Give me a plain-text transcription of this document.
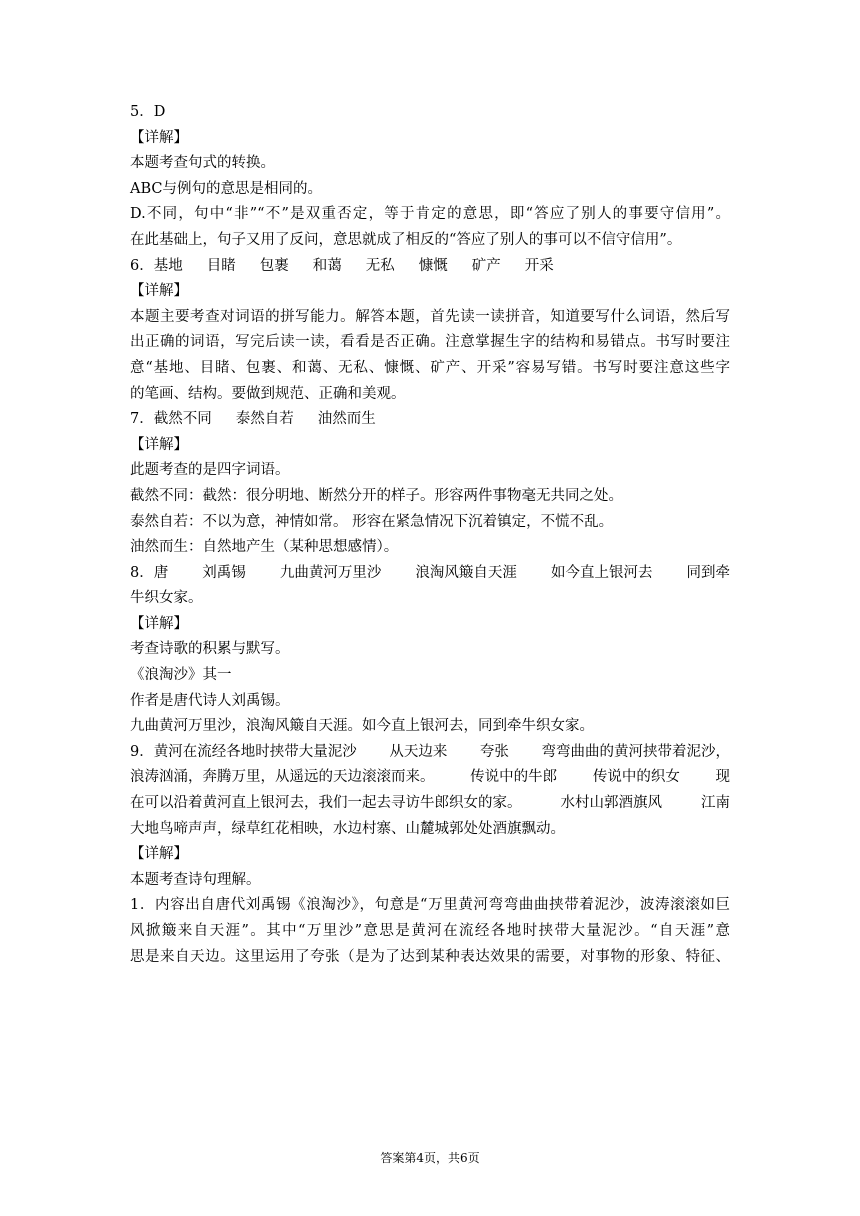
5．D
【详解】
本题考查句式的转换。
ABC与例句的意思是相同的。
D.不同，句中“非”“不”是双重否定，等于肯定的意思，即“答应了别人的事要守信用”。
在此基础上，句子又用了反问，意思就成了相反的“答应了别人的事可以不信守信用”。
6．基地 目睹 包裹 和蔼 无私 慷慨 矿产 开采
【详解】
本题主要考查对词语的拼写能力。解答本题，首先读一读拼音，知道要写什么词语，然后写
出正确的词语，写完后读一读，看看是否正确。注意掌握生字的结构和易错点。书写时要注
意“基地、目睹、包裹、和蔼、无私、慷慨、矿产、开采”容易写错。书写时要注意这些字
的笔画、结构。要做到规范、正确和美观。
7．截然不同 泰然自若 油然而生
【详解】
此题考查的是四字词语。
截然不同：截然：很分明地、断然分开的样子。形容两件事物毫无共同之处。
泰然自若：不以为意，神情如常。 形容在紧急情况下沉着镇定，不慌不乱。
油然而生：自然地产生（某种思想感情）。
8．唐 刘禹锡 九曲黄河万里沙 浪淘风簸自天涯 如今直上银河去 同到牵
牛织女家。
【详解】
考查诗歌的积累与默写。
《浪淘沙》其一
作者是唐代诗人刘禹锡。
九曲黄河万里沙，浪淘风簸自天涯。如今直上银河去，同到牵牛织女家。
9．黄河在流经各地时挟带大量泥沙 从天边来 夸张 弯弯曲曲的黄河挟带着泥沙，
浪涛汹涌，奔腾万里，从遥远的天边滚滚而来。 传说中的牛郎 传说中的织女 现
在可以沿着黄河直上银河去，我们一起去寻访牛郎织女的家。	水村山郭酒旗风	江南
大地鸟啼声声，绿草红花相映，水边村寨、山麓城郭处处酒旗飘动。
【详解】
本题考查诗句理解。
1．内容出自唐代刘禹锡《浪淘沙》，句意是“万里黄河弯弯曲曲挟带着泥沙，波涛滚滚如巨
风掀簸来自天涯”。其中“万里沙”意思是黄河在流经各地时挟带大量泥沙。“自天涯”意
思是来自天边。这里运用了夸张（是为了达到某种表达效果的需要，对事物的形象、特征、
答案第4页，共6页
